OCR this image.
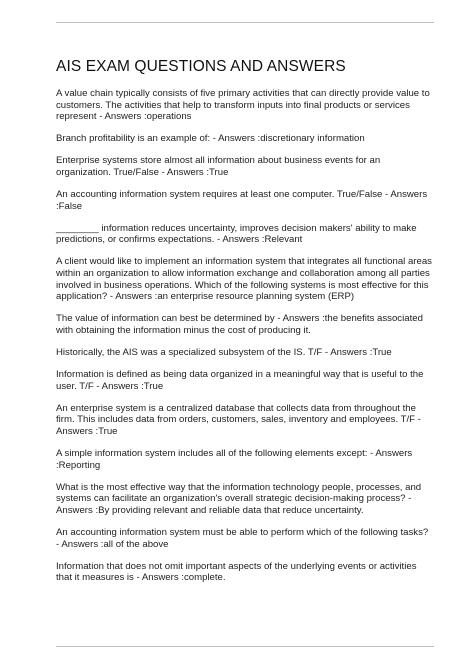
AIS EXAM QUESTIONS AND ANSWERS

A value chain typically consists of five primary activities that can directly provide value to customers. The activities that help to transform inputs into final products or services represent - Answers :operations

Branch profitability is an example of: - Answers :discretionary information

Enterprise systems store almost all information about business events for an organization. True/False - Answers :True

An accounting information system requires at least one computer. True/False - Answers :False

________ information reduces uncertainty, improves decision makers' ability to make predictions, or confirms expectations. - Answers :Relevant

A client would like to implement an information system that integrates all functional areas within an organization to allow information exchange and collaboration among all parties involved in business operations. Which of the following systems is most effective for this application? - Answers :an enterprise resource planning system (ERP)

The value of information can best be determined by - Answers :the benefits associated with obtaining the information minus the cost of producing it.

Historically, the AIS was a specialized subsystem of the IS. T/F - Answers :True

Information is defined as being data organized in a meaningful way that is useful to the user. T/F - Answers :True

An enterprise system is a centralized database that collects data from throughout the firm. This includes data from orders, customers, sales, inventory and employees. T/F - Answers :True

A simple information system includes all of the following elements except: - Answers :Reporting

What is the most effective way that the information technology people, processes, and systems can facilitate an organization's overall strategic decision-making process? - Answers :By providing relevant and reliable data that reduce uncertainty.

An accounting information system must be able to perform which of the following tasks? - Answers :all of the above

Information that does not omit important aspects of the underlying events or activities that it measures is - Answers :complete.
